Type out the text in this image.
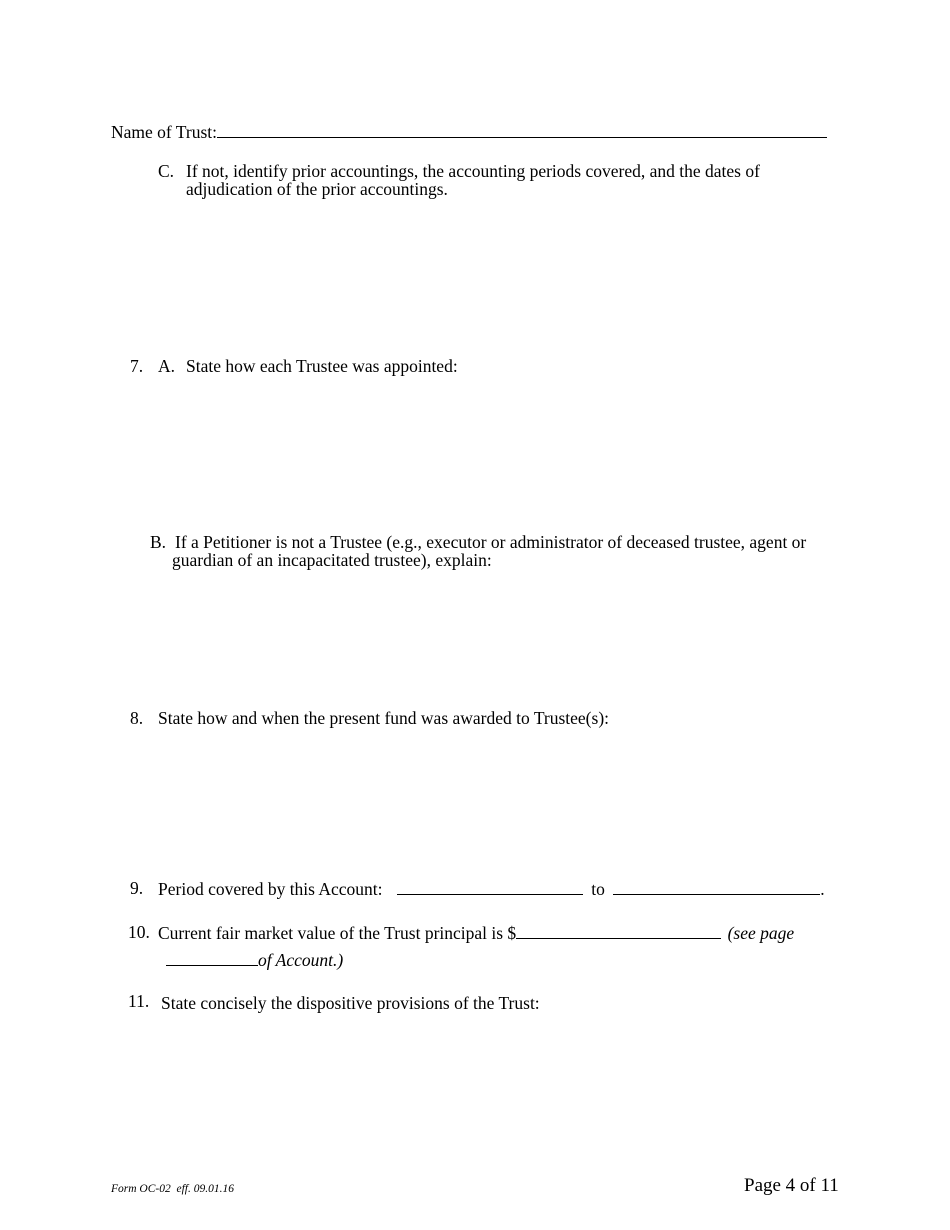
Name of Trust:
C. If not, identify prior accountings, the accounting periods covered, and the dates of
adjudication of the prior accountings.
7. A. State how each Trustee was appointed:
B. If a Petitioner is not a Trustee (e.g., executor or administrator of deceased trustee, agent or
guardian of an incapacitated trustee), explain:
8. State how and when the present fund was awarded to Trustee(s):
9. Period covered by this Account:	to	.
10. Current fair market value of the Trust principal is $	(see page
of Account.)
11. State concisely the dispositive provisions of the Trust:
Form OC-02  eff. 09.01.16	Page 4 of 11
